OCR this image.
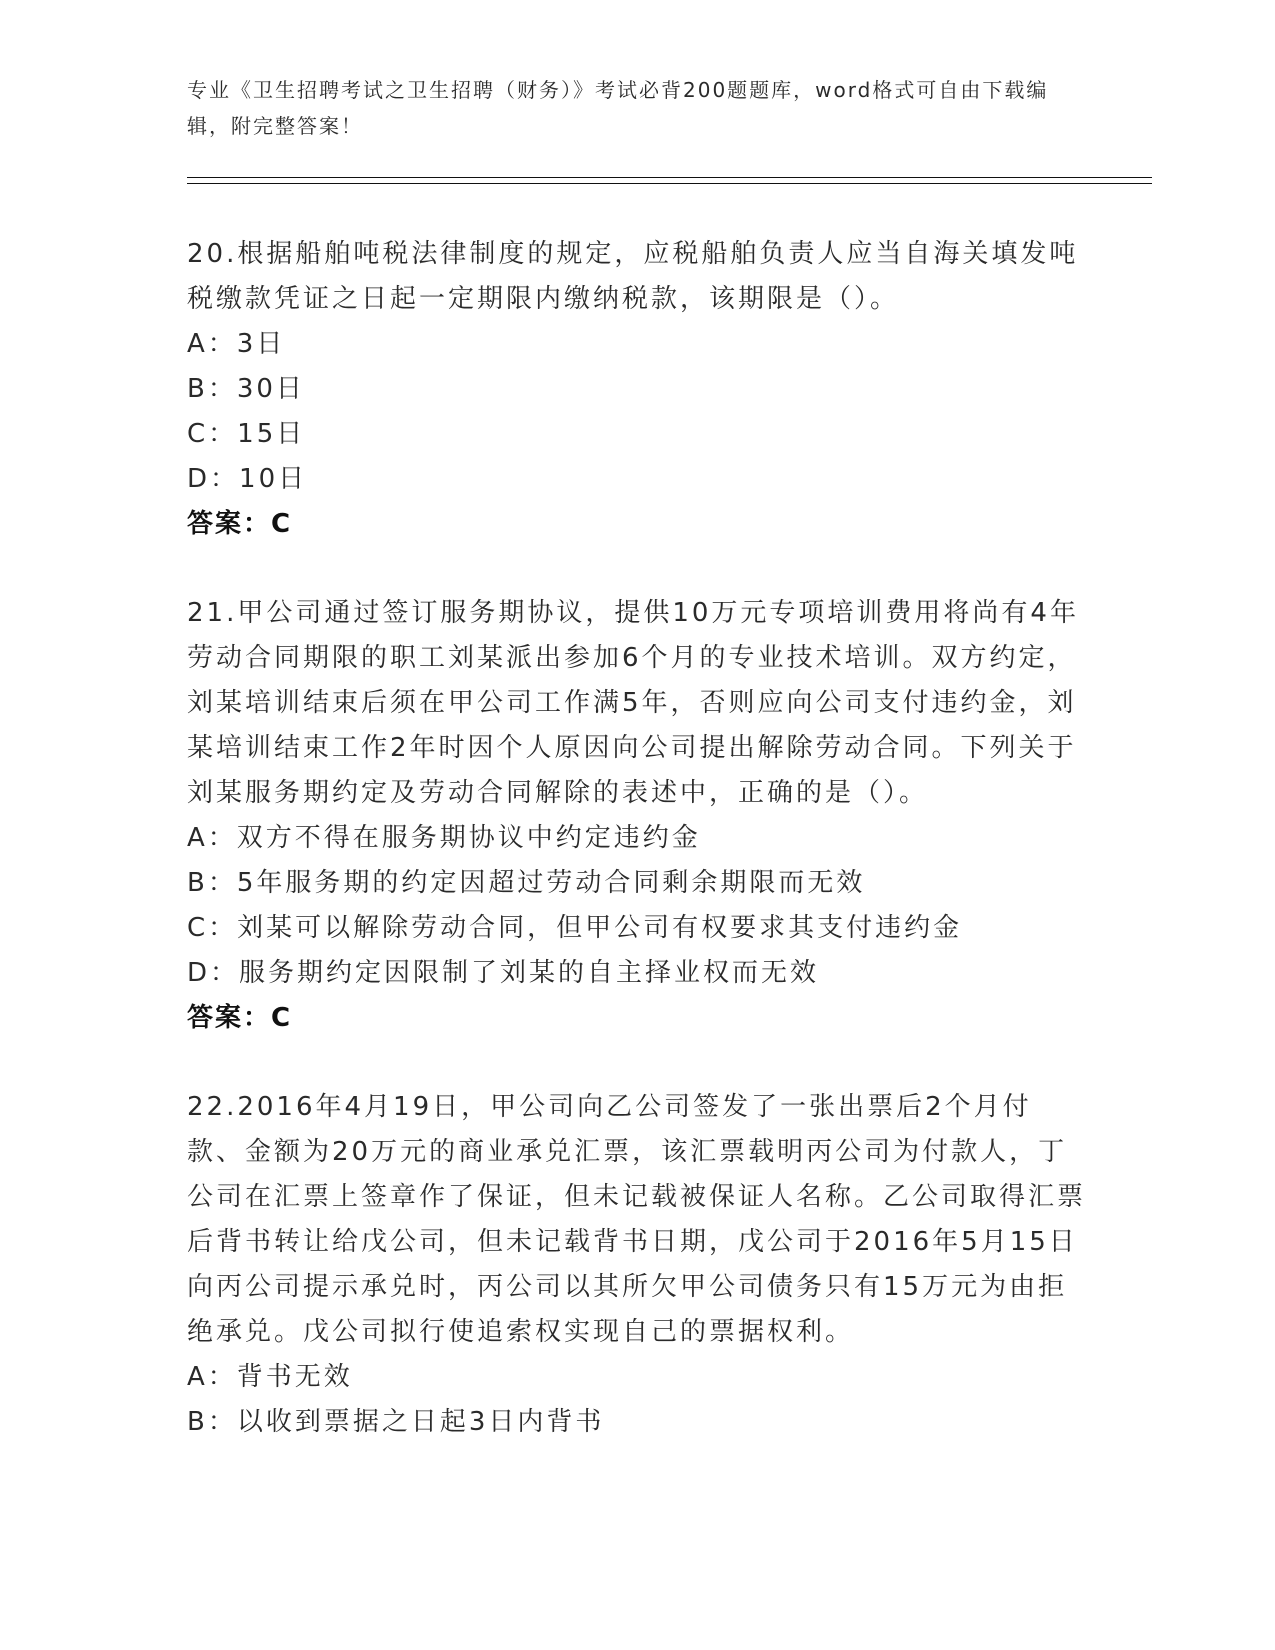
专业《卫生招聘考试之卫生招聘（财务）》考试必背200题题库，word格式可自由下载编辑，附完整答案！

20.根据船舶吨税法律制度的规定，应税船舶负责人应当自海关填发吨税缴款凭证之日起一定期限内缴纳税款，该期限是（）。

A：3日

B：30日

C：15日

D：10日

答案：C

21.甲公司通过签订服务期协议，提供10万元专项培训费用将尚有4年劳动合同期限的职工刘某派出参加6个月的专业技术培训。双方约定，刘某培训结束后须在甲公司工作满5年，否则应向公司支付违约金，刘某培训结束工作2年时因个人原因向公司提出解除劳动合同。下列关于刘某服务期约定及劳动合同解除的表述中，正确的是（）。

A：双方不得在服务期协议中约定违约金

B：5年服务期的约定因超过劳动合同剩余期限而无效

C：刘某可以解除劳动合同，但甲公司有权要求其支付违约金

D：服务期约定因限制了刘某的自主择业权而无效

答案：C

22.2016年4月19日，甲公司向乙公司签发了一张出票后2个月付款、金额为20万元的商业承兑汇票，该汇票载明丙公司为付款人，丁公司在汇票上签章作了保证，但未记载被保证人名称。乙公司取得汇票后背书转让给戊公司，但未记载背书日期，戊公司于2016年5月15日向丙公司提示承兑时，丙公司以其所欠甲公司债务只有15万元为由拒绝承兑。戊公司拟行使追索权实现自己的票据权利。

A：背书无效

B：以收到票据之日起3日内背书
